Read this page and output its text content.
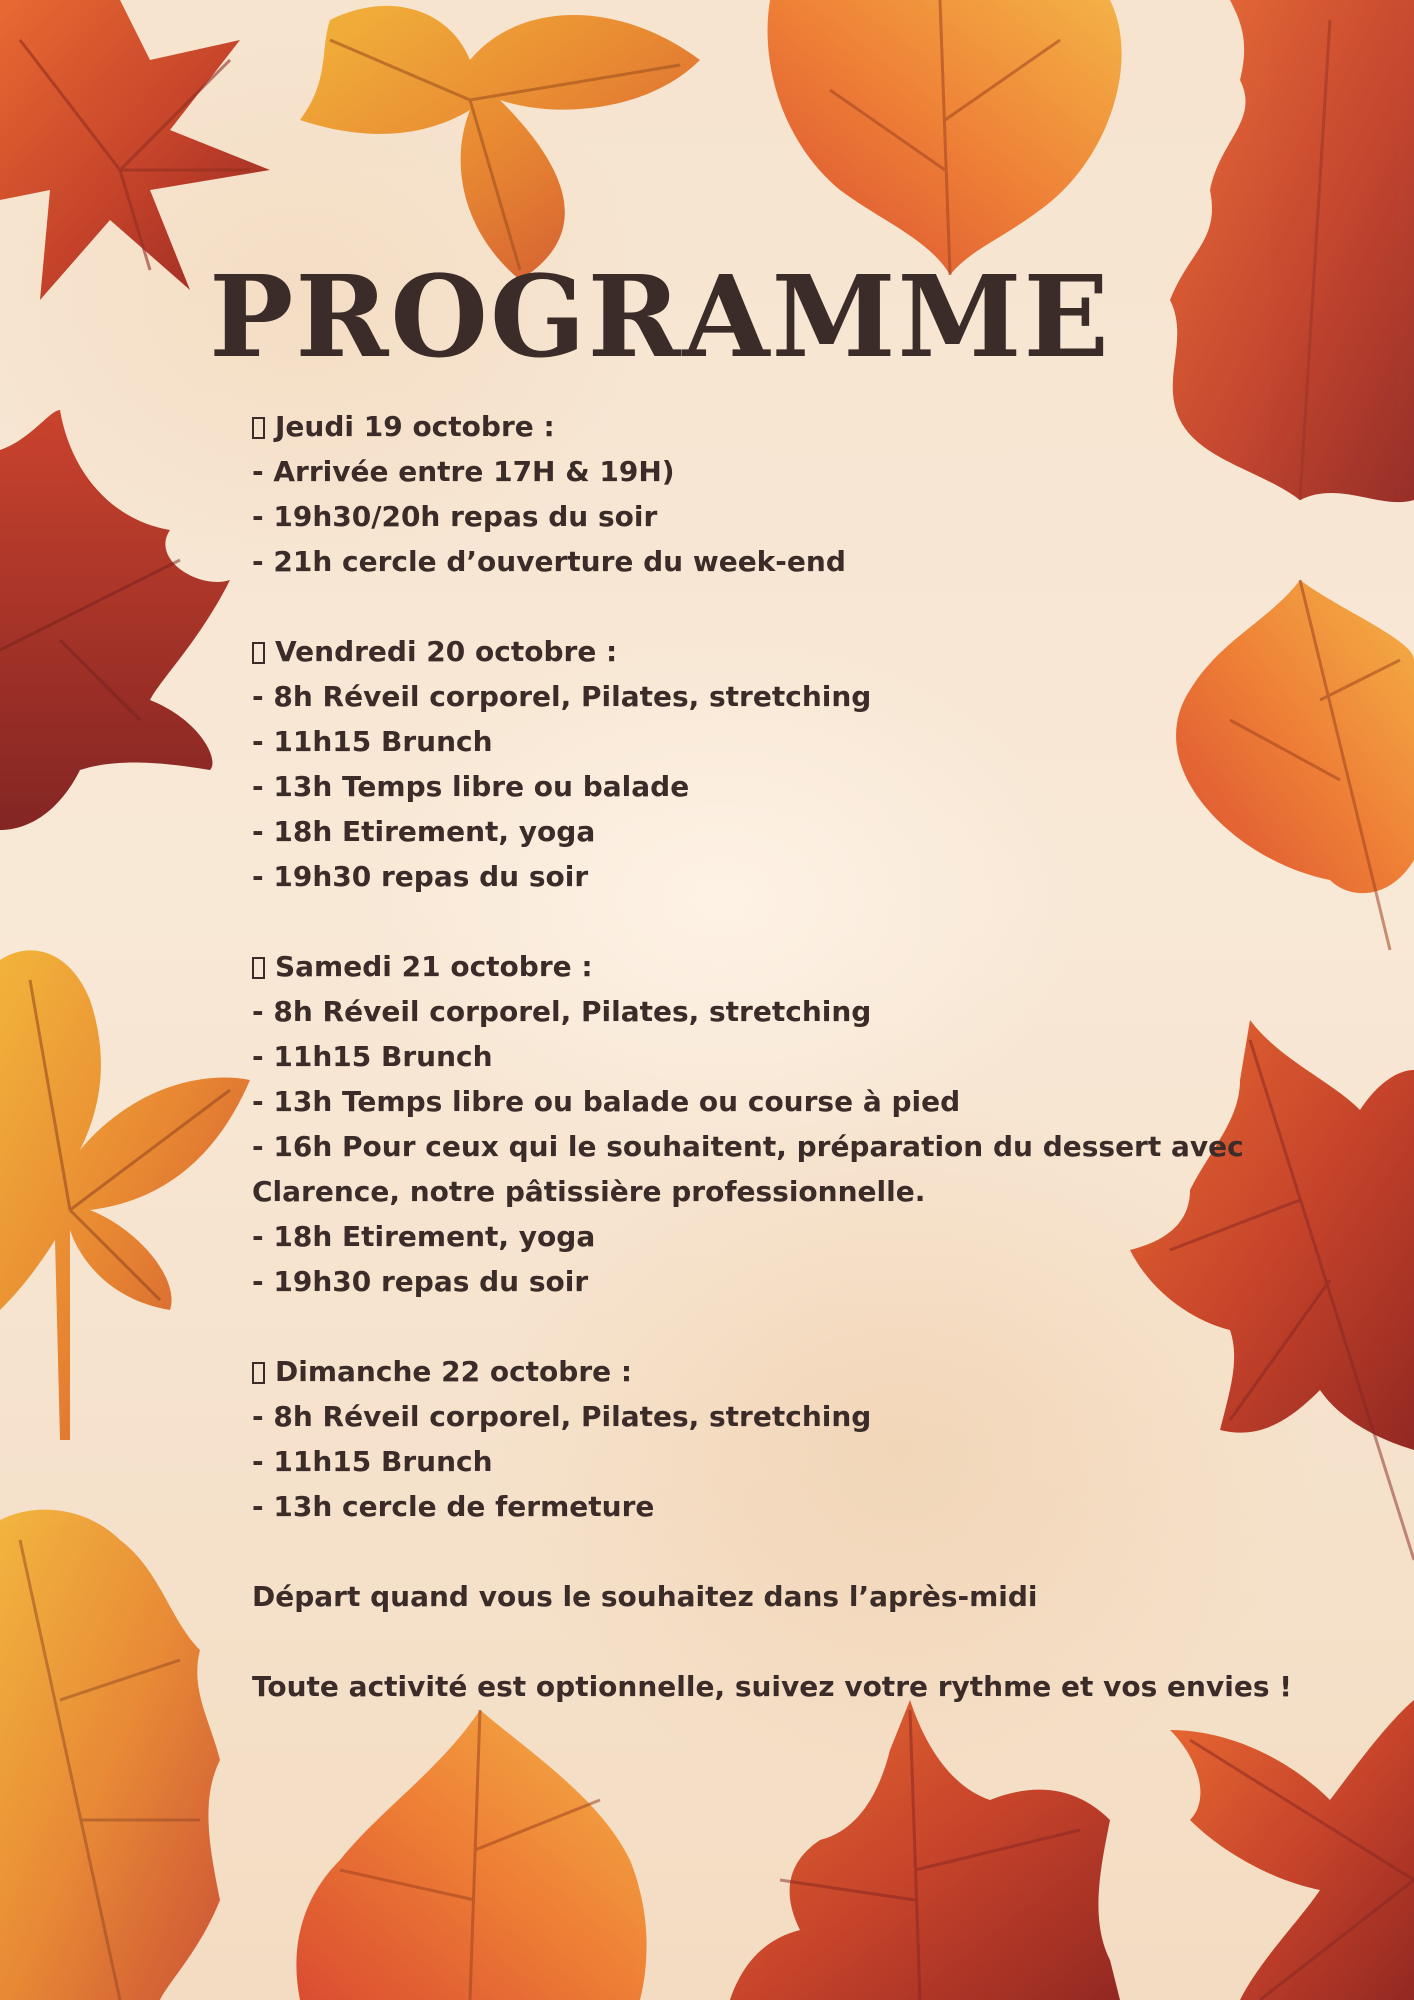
PROGRAMME
Jeudi 19 octobre :
- Arrivée entre 17H & 19H)
- 19h30/20h repas du soir
- 21h cercle d’ouverture du week-end
Vendredi 20 octobre :
- 8h Réveil corporel, Pilates, stretching
- 11h15 Brunch
- 13h Temps libre ou balade
- 18h Etirement, yoga
- 19h30 repas du soir
Samedi 21 octobre :
- 8h Réveil corporel, Pilates, stretching
- 11h15 Brunch
- 13h Temps libre ou balade ou course à pied
- 16h Pour ceux qui le souhaitent, préparation du dessert avec Clarence, notre pâtissière professionnelle.
- 18h Etirement, yoga
- 19h30 repas du soir
Dimanche 22 octobre :
- 8h Réveil corporel, Pilates, stretching
- 11h15 Brunch
- 13h cercle de fermeture
Départ quand vous le souhaitez dans l’après-midi
Toute activité est optionnelle, suivez votre rythme et vos envies !
